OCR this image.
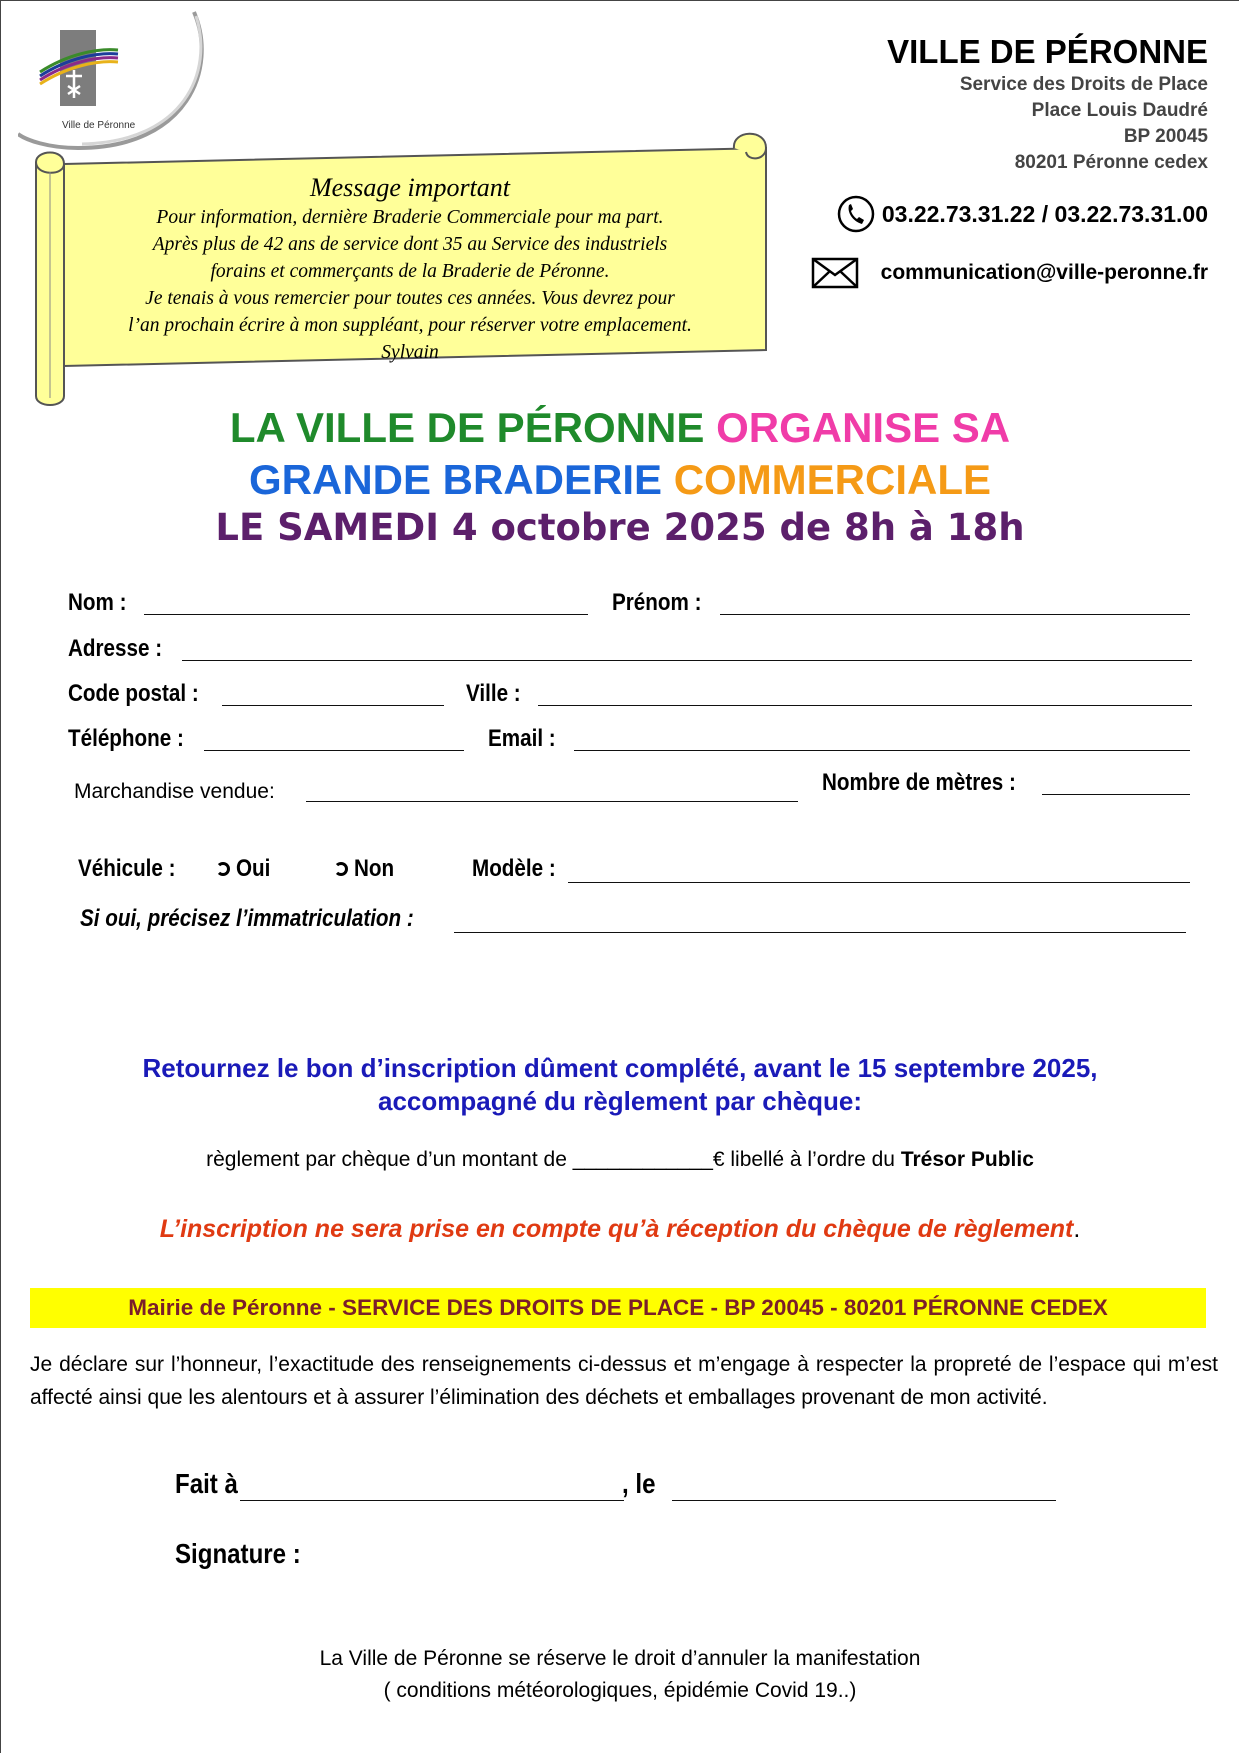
Ville de Péronne
VILLE DE PÉRONNE
Service des Droits de Place
Place Louis Daudré
BP 20045
80201 Péronne cedex
03.22.73.31.22 / 03.22.73.31.00
communication@ville-peronne.fr
Message important
Pour information, dernière Braderie Commerciale pour ma part.
Après plus de 42 ans de service dont 35 au Service des industriels
forains et commerçants de la Braderie de Péronne.
Je tenais à vous remercier pour toutes ces années. Vous devrez pour
l’an prochain écrire à mon suppléant, pour réserver votre emplacement.
Sylvain
LA VILLE DE PÉRONNE ORGANISE SA
GRANDE BRADERIE COMMERCIALE
LE SAMEDI 4 octobre 2025 de 8h à 18h
Nom :	Prénom :
Adresse :
Code postal :	Ville :
Téléphone :	Email :
Marchandise vendue:	Nombre de mètres :
Véhicule :	Oui	Non	Modèle :
Si oui, précisez l’immatriculation :
Retournez le bon d’inscription dûment complété, avant le 15 septembre 2025,
accompagné du règlement par chèque:
règlement par chèque d’un montant de ____________€ libellé à l’ordre du Trésor Public
L’inscription ne sera prise en compte qu’à réception du chèque de règlement.
Mairie de Péronne - SERVICE DES DROITS DE PLACE - BP 20045 - 80201 PÉRONNE CEDEX
Je déclare sur l’honneur, l’exactitude des renseignements ci-dessus et m’engage à respecter la propreté de l’espace qui m’est affecté ainsi que les alentours et à assurer l’élimination des déchets et emballages provenant de mon activité.
Fait à	, le
Signature :
La Ville de Péronne se réserve le droit d’annuler la manifestation
( conditions météorologiques, épidémie Covid 19..)
